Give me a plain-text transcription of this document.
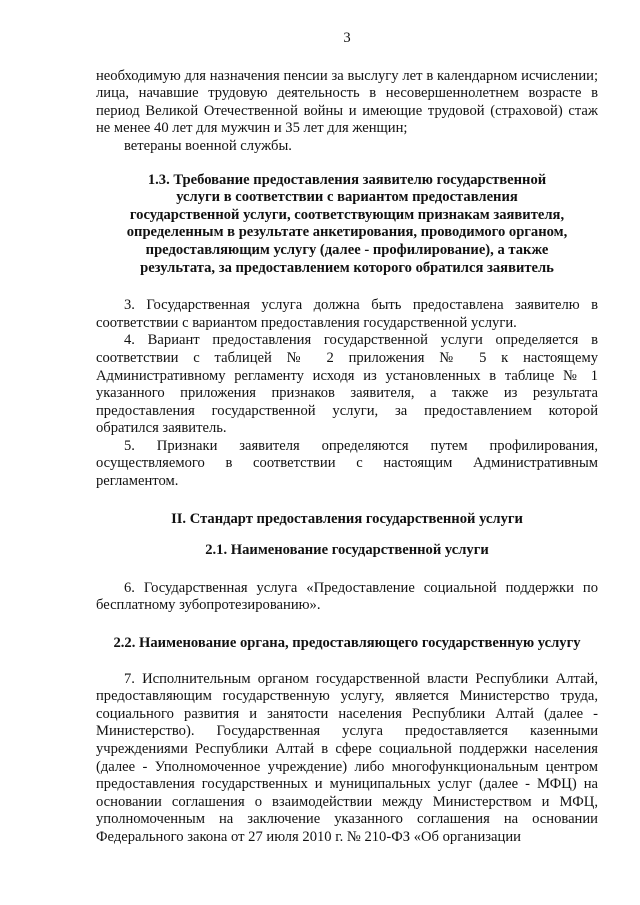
3

необходимую для назначения пенсии за выслугу лет в календарном исчислении; лица, начавшие трудовую деятельность в несовершеннолетнем возрасте в период Великой Отечественной войны и имеющие трудовой (страховой) стаж не менее 40 лет для мужчин и 35 лет для женщин;

ветераны военной службы.

1.3. Требование предоставления заявителю государственной услуги в соответствии с вариантом предоставления государственной услуги, соответствующим признакам заявителя, определенным в результате анкетирования, проводимого органом, предоставляющим услугу (далее - профилирование), а также результата, за предоставлением которого обратился заявитель

3. Государственная услуга должна быть предоставлена заявителю в соответствии с вариантом предоставления государственной услуги.

4. Вариант предоставления государственной услуги определяется в соответствии с таблицей № 2 приложения № 5 к настоящему Административному регламенту исходя из установленных в таблице № 1 указанного приложения признаков заявителя, а также из результата предоставления государственной услуги, за предоставлением которой обратился заявитель.

5. Признаки заявителя определяются путем профилирования, осуществляемого в соответствии с настоящим Административным регламентом.

II. Стандарт предоставления государственной услуги
2.1. Наименование государственной услуги

6. Государственная услуга «Предоставление социальной поддержки по бесплатному зубопротезированию».

2.2. Наименование органа, предоставляющего государственную услугу

7. Исполнительным органом государственной власти Республики Алтай, предоставляющим государственную услугу, является Министерство труда, социального развития и занятости населения Республики Алтай (далее - Министерство). Государственная услуга предоставляется казенными учреждениями Республики Алтай в сфере социальной поддержки населения (далее - Уполномоченное учреждение) либо многофункциональным центром предоставления государственных и муниципальных услуг (далее - МФЦ) на основании соглашения о взаимодействии между Министерством и МФЦ, уполномоченным на заключение указанного соглашения на основании Федерального закона от 27 июля 2010 г. № 210-ФЗ «Об организации
